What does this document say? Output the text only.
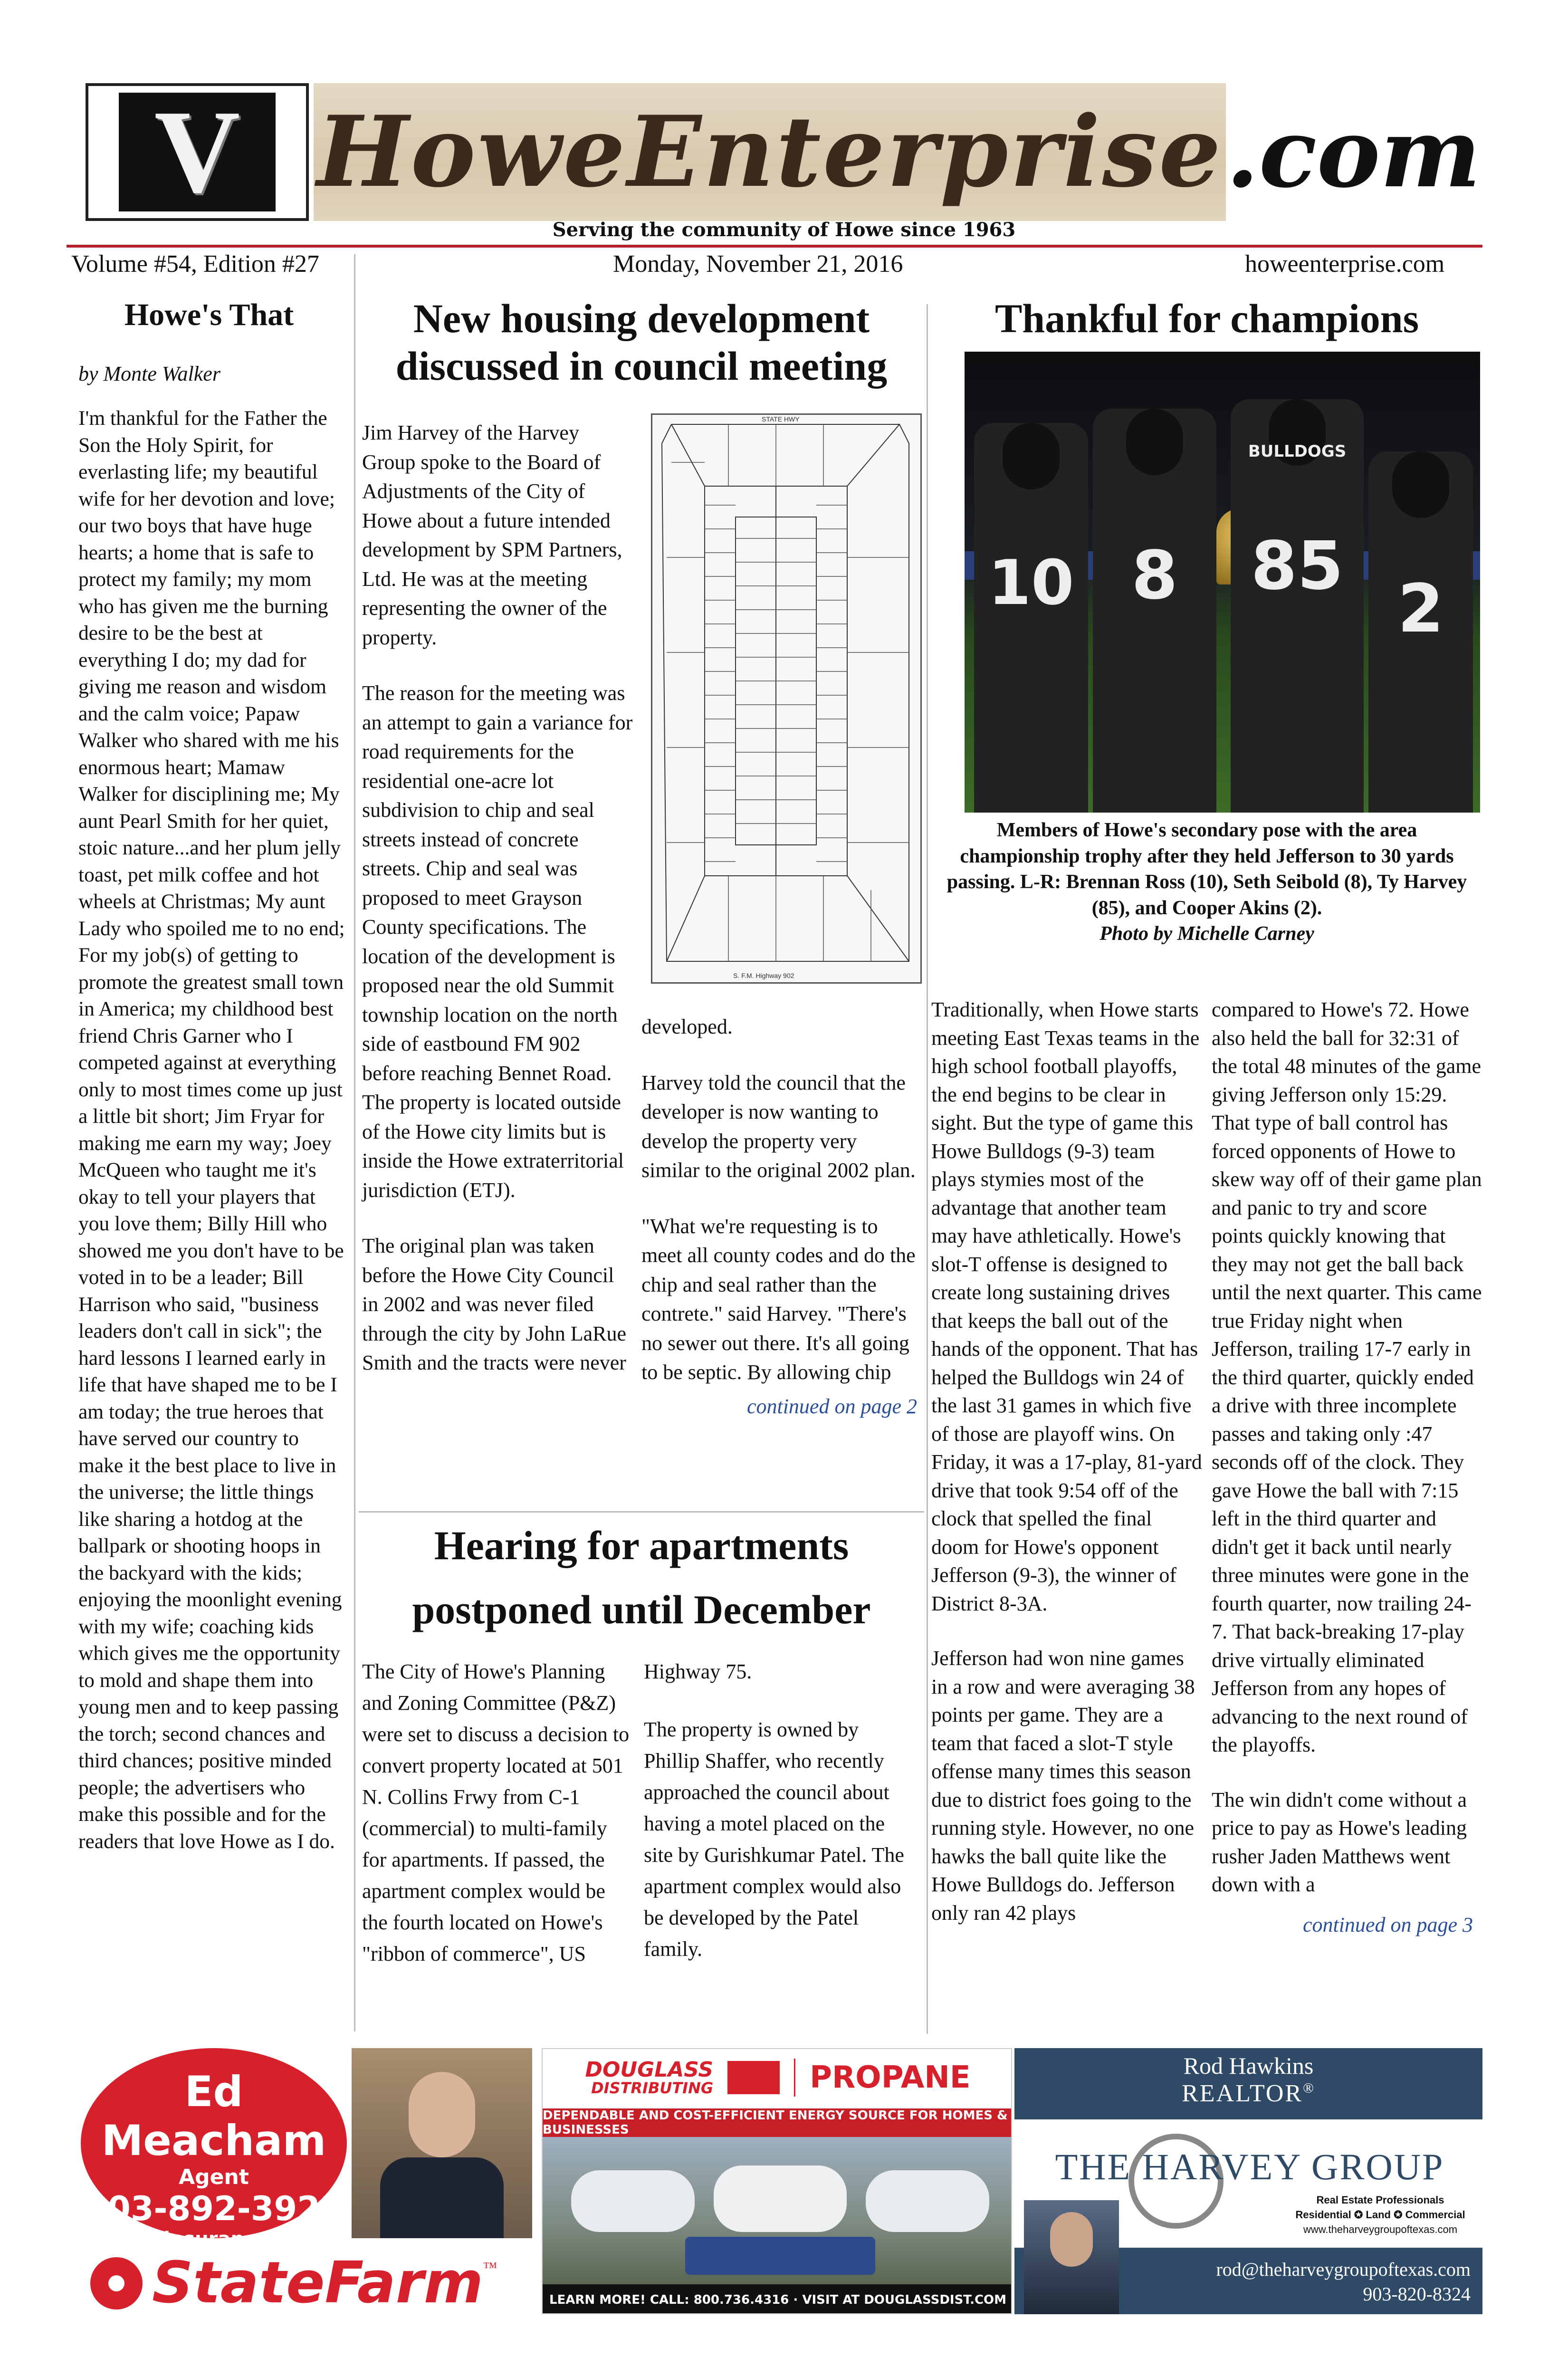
V HoweEnterprise .com
Serving the community of Howe since 1963
Volume #54, Edition #27	Monday, November 21, 2016	howeenterprise.com
Howe's That
by Monte Walker
I'm thankful for the Father the Son the Holy Spirit, for everlasting life; my beautiful wife for her devotion and love; our two boys that have huge hearts; a home that is safe to protect my family; my mom who has given me the burning desire to be the best at everything I do; my dad for giving me reason and wisdom and the calm voice; Papaw Walker who shared with me his enormous heart; Mamaw Walker for disciplining me; My aunt Pearl Smith for her quiet, stoic nature...and her plum jelly toast, pet milk coffee and hot wheels at Christmas; My aunt Lady who spoiled me to no end; For my job(s) of getting to promote the greatest small town in America; my childhood best friend Chris Garner who I competed against at everything only to most times come up just a little bit short; Jim Fryar for making me earn my way; Joey McQueen who taught me it's okay to tell your players that you love them; Billy Hill who showed me you don't have to be voted in to be a leader; Bill Harrison who said, "business leaders don't call in sick"; the hard lessons I learned early in life that have shaped me to be I am today; the true heroes that have served our country to make it the best place to live in the universe; the little things like sharing a hotdog at the ballpark or shooting hoops in the backyard with the kids; enjoying the moonlight evening with my wife; coaching kids which gives me the opportunity to mold and shape them into young men and to keep passing the torch; second chances and third chances; positive minded people; the advertisers who make this possible and for the readers that love Howe as I do.
New housing development discussed in council meeting

Jim Harvey of the Harvey Group spoke to the Board of Adjustments of the City of Howe about a future intended development by SPM Partners, Ltd. He was at the meeting representing the owner of the property.

The reason for the meeting was an attempt to gain a variance for road requirements for the residential one-acre lot subdivision to chip and seal streets instead of concrete streets. Chip and seal was proposed to meet Grayson County specifications. The location of the development is proposed near the old Summit township location on the north side of eastbound FM 902 before reaching Bennet Road. The property is located outside of the Howe city limits but is inside the Howe extraterritorial jurisdiction (ETJ).

The original plan was taken before the Howe City Council in 2002 and was never filed through the city by John LaRue Smith and the tracts were never

STATE HWY
S. F.M. Highway 902

developed.

Harvey told the council that the developer is now wanting to develop the property very similar to the original 2002 plan.

"What we're requesting is to meet all county codes and do the chip and seal rather than the contrete." said Harvey. "There's no sewer out there. It's all going to be septic. By allowing chip

continued on page 2
Hearing for apartments postponed until December

The City of Howe's Planning and Zoning Committee (P&Z) were set to discuss a decision to convert property located at 501 N. Collins Frwy from C-1 (commercial) to multi-family for apartments. If passed, the apartment complex would be the fourth located on Howe's "ribbon of commerce", US

Highway 75.

The property is owned by Phillip Shaffer, who recently approached the council about having a motel placed on the site by Gurishkumar Patel. The apartment complex would also be developed by the Patel family.

Thankful for champions
10 8
BULLDOGS
85
2
Members of Howe's secondary pose with the area championship trophy after they held Jefferson to 30 yards passing. L-R: Brennan Ross (10), Seth Seibold (8), Ty Harvey (85), and Cooper Akins (2).
Photo by Michelle Carney

Traditionally, when Howe starts meeting East Texas teams in the high school football playoffs, the end begins to be clear in sight. But the type of game this Howe Bulldogs (9-3) team plays stymies most of the advantage that another team may have athletically. Howe's slot-T offense is designed to create long sustaining drives that keeps the ball out of the hands of the opponent. That has helped the Bulldogs win 24 of the last 31 games in which five of those are playoff wins. On Friday, it was a 17-play, 81-yard drive that took 9:54 off of the clock that spelled the final doom for Howe's opponent Jefferson (9-3), the winner of District 8-3A.

Jefferson had won nine games in a row and were averaging 38 points per game. They are a team that faced a slot-T style offense many times this season due to district foes going to the running style. However, no one hawks the ball quite like the Howe Bulldogs do. Jefferson only ran 42 plays

compared to Howe's 72. Howe also held the ball for 32:31 of the total 48 minutes of the game giving Jefferson only 15:29. That type of ball control has forced opponents of Howe to skew way off of their game plan and panic to try and score points quickly knowing that they may not get the ball back until the next quarter. This came true Friday night when Jefferson, trailing 17-7 early in the third quarter, quickly ended a drive with three incomplete passes and taking only :47 seconds off of the clock. They gave Howe the ball with 7:15 left in the third quarter and didn't get it back until nearly three minutes were gone in the fourth quarter, now trailing 24-7. That back-breaking 17-play drive virtually eliminated Jefferson from any hopes of advancing to the next round of the playoffs.

The win didn't come without a price to pay as Howe's leading rusher Jaden Matthews went down with a

continued on page 3
Ed Meacham
Agent
903-892-3923
mredinsurance.com
StateFarm ™
DOUGLASS
DISTRIBUTING	PROPANE
DEPENDABLE AND COST-EFFICIENT ENERGY SOURCE FOR HOMES & BUSINESSES
LEARN MORE! CALL: 800.736.4316 · VISIT AT DOUGLASSDIST.COM
Rod Hawkins
REALTOR®
THE HARVEY GROUP
Real Estate Professionals
Residential ✪ Land ✪ Commercial
www.theharveygroupoftexas.com
rod@theharveygroupoftexas.com
903-820-8324
